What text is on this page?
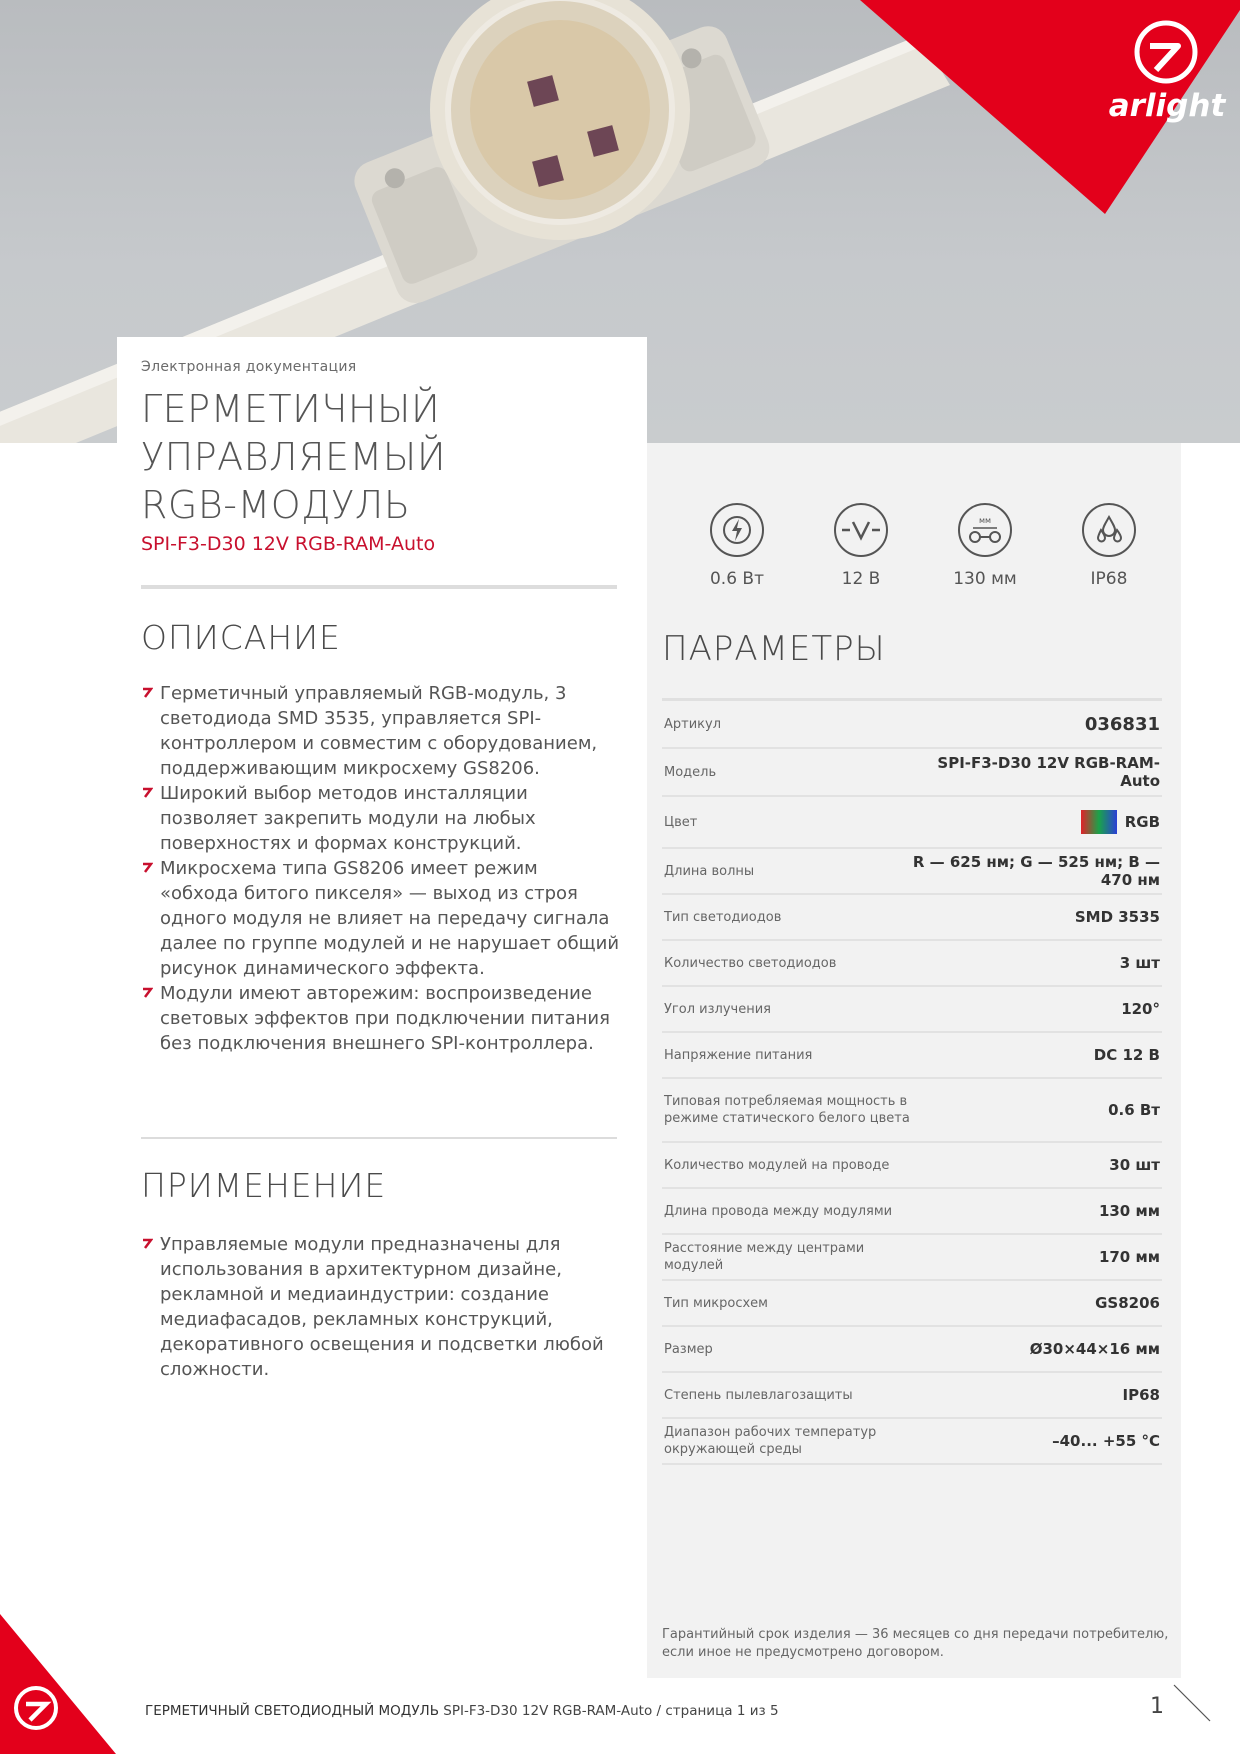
arlight
Электронная документация
ГЕРМЕТИЧНЫЙ
УПРАВЛЯЕМЫЙ
RGB-МОДУЛЬ
SPI-F3-D30 12V RGB-RAM-Auto
0.6 Вт	12 В
мм
130 мм	IP68
ПАРАМЕТРЫ
Артикул	036831
Модель	SPI-F3-D30 12V RGB-RAM-Auto
Цвет	RGB
Длина волны	R — 625 нм; G — 525 нм; B — 470 нм
Тип светодиодов	SMD 3535
Количество светодиодов	3 шт
Угол излучения	120°
Напряжение питания	DC 12 В
Типовая потребляемая мощность в режиме статического белого цвета	0.6 Вт
Количество модулей на проводе	30 шт
Длина провода между модулями	130 мм
Расстояние между центрами модулей	170 мм
Тип микросхем	GS8206
Размер	Ø30×44×16 мм
Степень пылевлагозащиты	IP68
Диапазон рабочих температур окружающей среды	–40... +55 °C
Гарантийный срок изделия — 36 месяцев со дня передачи потребителю, если иное не предусмотрено договором.
ОПИСАНИЕ
Герметичный управляемый RGB-модуль, 3 светодиода SMD 3535, управляется SPI-контроллером и совместим с оборудованием, поддерживающим микросхему GS8206.
Широкий выбор методов инсталляции позволяет закрепить модули на любых поверхностях и формах конструкций.
Микросхема типа GS8206 имеет режим «обхода битого пикселя» — выход из строя одного модуля не влияет на передачу сигнала далее по группе модулей и не нарушает общий рисунок динамического эффекта.
Модули имеют авторежим: воспроизведение световых эффектов при подключении питания без подключения внешнего SPI-контроллера.
ПРИМЕНЕНИЕ
Управляемые модули предназначены для использования в архитектурном дизайне, рекламной и медиаиндустрии: создание медиафасадов, рекламных конструкций, декоративного освещения и подсветки любой сложности.
ГЕРМЕТИЧНЫЙ СВЕТОДИОДНЫЙ МОДУЛЬ SPI-F3-D30 12V RGB-RAM-Auto / страница 1 из 5	1
